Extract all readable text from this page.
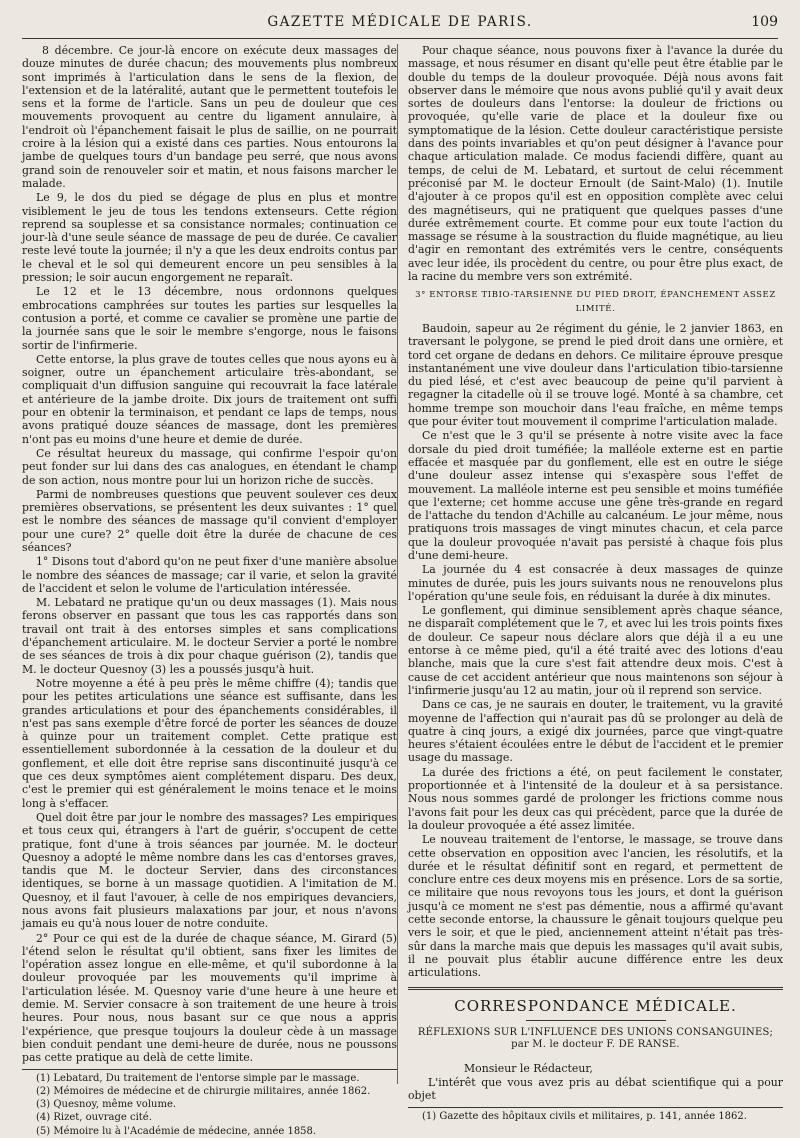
GAZETTE MÉDICALE DE PARIS.	109

8 décembre. Ce jour-là encore on exécute deux massages de douze minutes de durée chacun; des mouvements plus nombreux sont imprimés à l'articulation dans le sens de la flexion, de l'extension et de la latéralité, autant que le permettent toutefois le sens et la forme de l'article. Sans un peu de douleur que ces mouvements provoquent au centre du ligament annulaire, à l'endroit où l'épanchement faisait le plus de saillie, on ne pourrait croire à la lésion qui a existé dans ces parties. Nous entourons la jambe de quelques tours d'un bandage peu serré, que nous avons grand soin de renouveler soir et matin, et nous faisons marcher le malade.

Le 9, le dos du pied se dégage de plus en plus et montre visiblement le jeu de tous les tendons extenseurs. Cette région reprend sa souplesse et sa consistance normales; continuation ce jour-là d'une seule séance de massage de peu de durée. Ce cavalier reste levé toute la journée; il n'y a que les deux endroits contus par le cheval et le sol qui demeurent encore un peu sensibles à la pression; le soir aucun engorgement ne reparaît.

Le 12 et le 13 décembre, nous ordonnons quelques embrocations camphrées sur toutes les parties sur lesquelles la contusion a porté, et comme ce cavalier se promène une partie de la journée sans que le soir le membre s'engorge, nous le faisons sortir de l'infirmerie.

Cette entorse, la plus grave de toutes celles que nous ayons eu à soigner, outre un épanchement articulaire très-abondant, se compliquait d'un diffusion sanguine qui recouvrait la face latérale et antérieure de la jambe droite. Dix jours de traitement ont suffi pour en obtenir la terminaison, et pendant ce laps de temps, nous avons pratiqué douze séances de massage, dont les premières n'ont pas eu moins d'une heure et demie de durée.

Ce résultat heureux du massage, qui confirme l'espoir qu'on peut fonder sur lui dans des cas analogues, en étendant le champ de son action, nous montre pour lui un horizon riche de succès.

Parmi de nombreuses questions que peuvent soulever ces deux premières observations, se présentent les deux suivantes : 1° quel est le nombre des séances de massage qu'il convient d'employer pour une cure? 2° quelle doit être la durée de chacune de ces séances?

1° Disons tout d'abord qu'on ne peut fixer d'une manière absolue le nombre des séances de massage; car il varie, et selon la gravité de l'accident et selon le volume de l'articulation intéressée.

M. Lebatard ne pratique qu'un ou deux massages (1). Mais nous ferons observer en passant que tous les cas rapportés dans son travail ont trait à des entorses simples et sans complications d'épanchement articulaire. M. le docteur Servier a porté le nombre de ses séances de trois à dix pour chaque guérison (2), tandis que M. le docteur Quesnoy (3) les a poussés jusqu'à huit.

Notre moyenne a été à peu près le même chiffre (4); tandis que pour les petites articulations une séance est suffisante, dans les grandes articulations et pour des épanchements considérables, il n'est pas sans exemple d'être forcé de porter les séances de douze à quinze pour un traitement complet. Cette pratique est essentiellement subordonnée à la cessation de la douleur et du gonflement, et elle doit être reprise sans discontinuité jusqu'à ce que ces deux symptômes aient complétement disparu. Des deux, c'est le premier qui est généralement le moins tenace et le moins long à s'effacer.

Quel doit être par jour le nombre des massages? Les empiriques et tous ceux qui, étrangers à l'art de guérir, s'occupent de cette pratique, font d'une à trois séances par journée. M. le docteur Quesnoy a adopté le même nombre dans les cas d'entorses graves, tandis que M. le docteur Servier, dans des circonstances identiques, se borne à un massage quotidien. A l'imitation de M. Quesnoy, et il faut l'avouer, à celle de nos empiriques devanciers, nous avons fait plusieurs malaxations par jour, et nous n'avons jamais eu qu'à nous louer de notre conduite.

2° Pour ce qui est de la durée de chaque séance, M. Girard (5) l'étend selon le résultat qu'il obtient, sans fixer les limites de l'opération assez longue en elle-même, et qu'il subordonne à la douleur provoquée par les mouvements qu'il imprime à l'articulation lésée. M. Quesnoy varie d'une heure à une heure et demie. M. Servier consacre à son traitement de une heure à trois heures. Pour nous, nous basant sur ce que nous a appris l'expérience, que presque toujours la douleur cède à un massage bien conduit pendant une demi-heure de durée, nous ne poussons pas cette pratique au delà de cette limite.

(1) Lebatard, Du traitement de l'entorse simple par le massage.

(2) Mémoires de médecine et de chirurgie militaires, année 1862.

(3) Quesnoy, même volume.

(4) Rizet, ouvrage cité.

(5) Mémoire lu à l'Académie de médecine, année 1858.

Pour chaque séance, nous pouvons fixer à l'avance la durée du massage, et nous résumer en disant qu'elle peut être établie par le double du temps de la douleur provoquée. Déjà nous avons fait observer dans le mémoire que nous avons publié qu'il y avait deux sortes de douleurs dans l'entorse: la douleur de frictions ou provoquée, qu'elle varie de place et la douleur fixe ou symptomatique de la lésion. Cette douleur caractéristique persiste dans des points invariables et qu'on peut désigner à l'avance pour chaque articulation malade. Ce modus faciendi diffère, quant au temps, de celui de M. Lebatard, et surtout de celui récemment préconisé par M. le docteur Ernoult (de Saint-Malo) (1). Inutile d'ajouter à ce propos qu'il est en opposition complète avec celui des magnétiseurs, qui ne pratiquent que quelques passes d'une durée extrêmement courte. Et comme pour eux toute l'action du massage se résume à la soustraction du fluide magnétique, au lieu d'agir en remontant des extrémités vers le centre, conséquents avec leur idée, ils procèdent du centre, ou pour être plus exact, de la racine du membre vers son extrémité.

3° ENTORSE TIBIO-TARSIENNE DU PIED DROIT, ÉPANCHEMENT ASSEZ LIMITÉ.

Baudoin, sapeur au 2e régiment du génie, le 2 janvier 1863, en traversant le polygone, se prend le pied droit dans une ornière, et tord cet organe de dedans en dehors. Ce militaire éprouve presque instantanément une vive douleur dans l'articulation tibio-tarsienne du pied lésé, et c'est avec beaucoup de peine qu'il parvient à regagner la citadelle où il se trouve logé. Monté à sa chambre, cet homme trempe son mouchoir dans l'eau fraîche, en même temps que pour éviter tout mouvement il comprime l'articulation malade.

Ce n'est que le 3 qu'il se présente à notre visite avec la face dorsale du pied droit tuméfiée; la malléole externe est en partie effacée et masquée par du gonflement, elle est en outre le siége d'une douleur assez intense qui s'exaspère sous l'effet de mouvement. La malléole interne est peu sensible et moins tuméfiée que l'externe; cet homme accuse une gêne très-grande en regard de l'attache du tendon d'Achille au calcanéum. Le jour même, nous pratiquons trois massages de vingt minutes chacun, et cela parce que la douleur provoquée n'avait pas persisté à chaque fois plus d'une demi-heure.

La journée du 4 est consacrée à deux massages de quinze minutes de durée, puis les jours suivants nous ne renouvelons plus l'opération qu'une seule fois, en réduisant la durée à dix minutes.

Le gonflement, qui diminue sensiblement après chaque séance, ne disparaît complétement que le 7, et avec lui les trois points fixes de douleur. Ce sapeur nous déclare alors que déjà il a eu une entorse à ce même pied, qu'il a été traité avec des lotions d'eau blanche, mais que la cure s'est fait attendre deux mois. C'est à cause de cet accident antérieur que nous maintenons son séjour à l'infirmerie jusqu'au 12 au matin, jour où il reprend son service.

Dans ce cas, je ne saurais en douter, le traitement, vu la gravité moyenne de l'affection qui n'aurait pas dû se prolonger au delà de quatre à cinq jours, a exigé dix journées, parce que vingt-quatre heures s'étaient écoulées entre le début de l'accident et le premier usage du massage.

La durée des frictions a été, on peut facilement le constater, proportionnée et à l'intensité de la douleur et à sa persistance. Nous nous sommes gardé de prolonger les frictions comme nous l'avons fait pour les deux cas qui précèdent, parce que la durée de la douleur provoquée a été assez limitée.

Le nouveau traitement de l'entorse, le massage, se trouve dans cette observation en opposition avec l'ancien, les résolutifs, et la durée et le résultat définitif sont en regard, et permettent de conclure entre ces deux moyens mis en présence. Lors de sa sortie, ce militaire que nous revoyons tous les jours, et dont la guérison jusqu'à ce moment ne s'est pas démentie, nous a affirmé qu'avant cette seconde entorse, la chaussure le gênait toujours quelque peu vers le soir, et que le pied, anciennement atteint n'était pas très-sûr dans la marche mais que depuis les massages qu'il avait subis, il ne pouvait plus établir aucune différence entre les deux articulations.

CORRESPONDANCE MÉDICALE.
RÉFLEXIONS SUR L'INFLUENCE DES UNIONS CONSANGUINES; par M. le docteur F. DE RANSE.

Monsieur le Rédacteur,

L'intérêt que vous avez pris au débat scientifique qui a pour objet

(1) Gazette des hôpitaux civils et militaires, p. 141, année 1862.
